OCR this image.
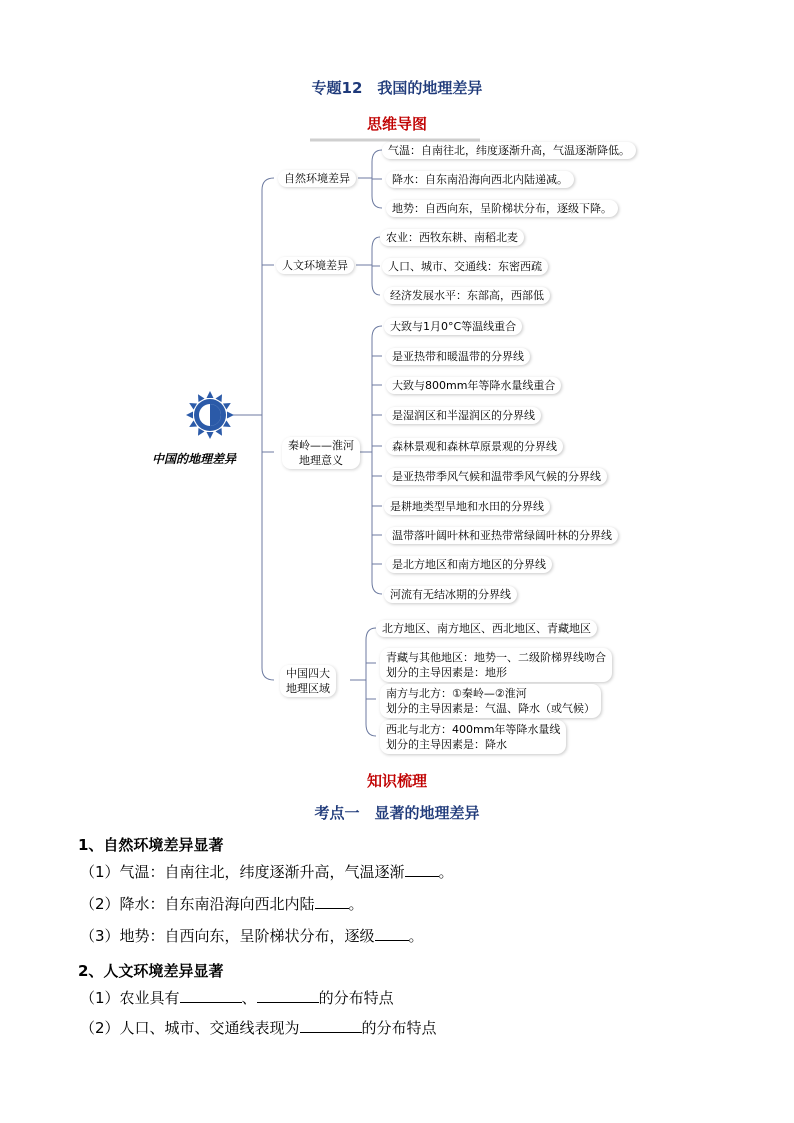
专题12　我国的地理差异
思维导图
中国的地理差异
自然环境差异
气温：自南往北，纬度逐渐升高，气温逐渐降低。
降水：自东南沿海向西北内陆递减。
地势：自西向东，呈阶梯状分布，逐级下降。
人文环境差异
农业：西牧东耕、南稻北麦
人口、城市、交通线：东密西疏
经济发展水平：东部高，西部低
秦岭——淮河
地理意义
大致与1月0°C等温线重合
是亚热带和暖温带的分界线
大致与800mm年等降水量线重合
是湿润区和半湿润区的分界线
森林景观和森林草原景观的分界线
是亚热带季风气候和温带季风气候的分界线
是耕地类型旱地和水田的分界线
温带落叶阔叶林和亚热带常绿阔叶林的分界线
是北方地区和南方地区的分界线
河流有无结冰期的分界线
中国四大
地理区域
北方地区、南方地区、西北地区、青藏地区
青藏与其他地区：地势一、二级阶梯界线吻合
划分的主导因素是：地形
南方与北方：①秦岭—②淮河
划分的主导因素是：气温、降水（或气候）
西北与北方：400mm年等降水量线
划分的主导因素是：降水
知识梳理
考点一　显著的地理差异
1、自然环境差异显著
（1）气温：自南往北，纬度逐渐升高，气温逐渐 。
（2）降水：自东南沿海向西北内陆 。
（3）地势：自西向东，呈阶梯状分布，逐级 。
2、人文环境差异显著
（1）农业具有	、	的分布特点
（2）人口、城市、交通线表现为	的分布特点
